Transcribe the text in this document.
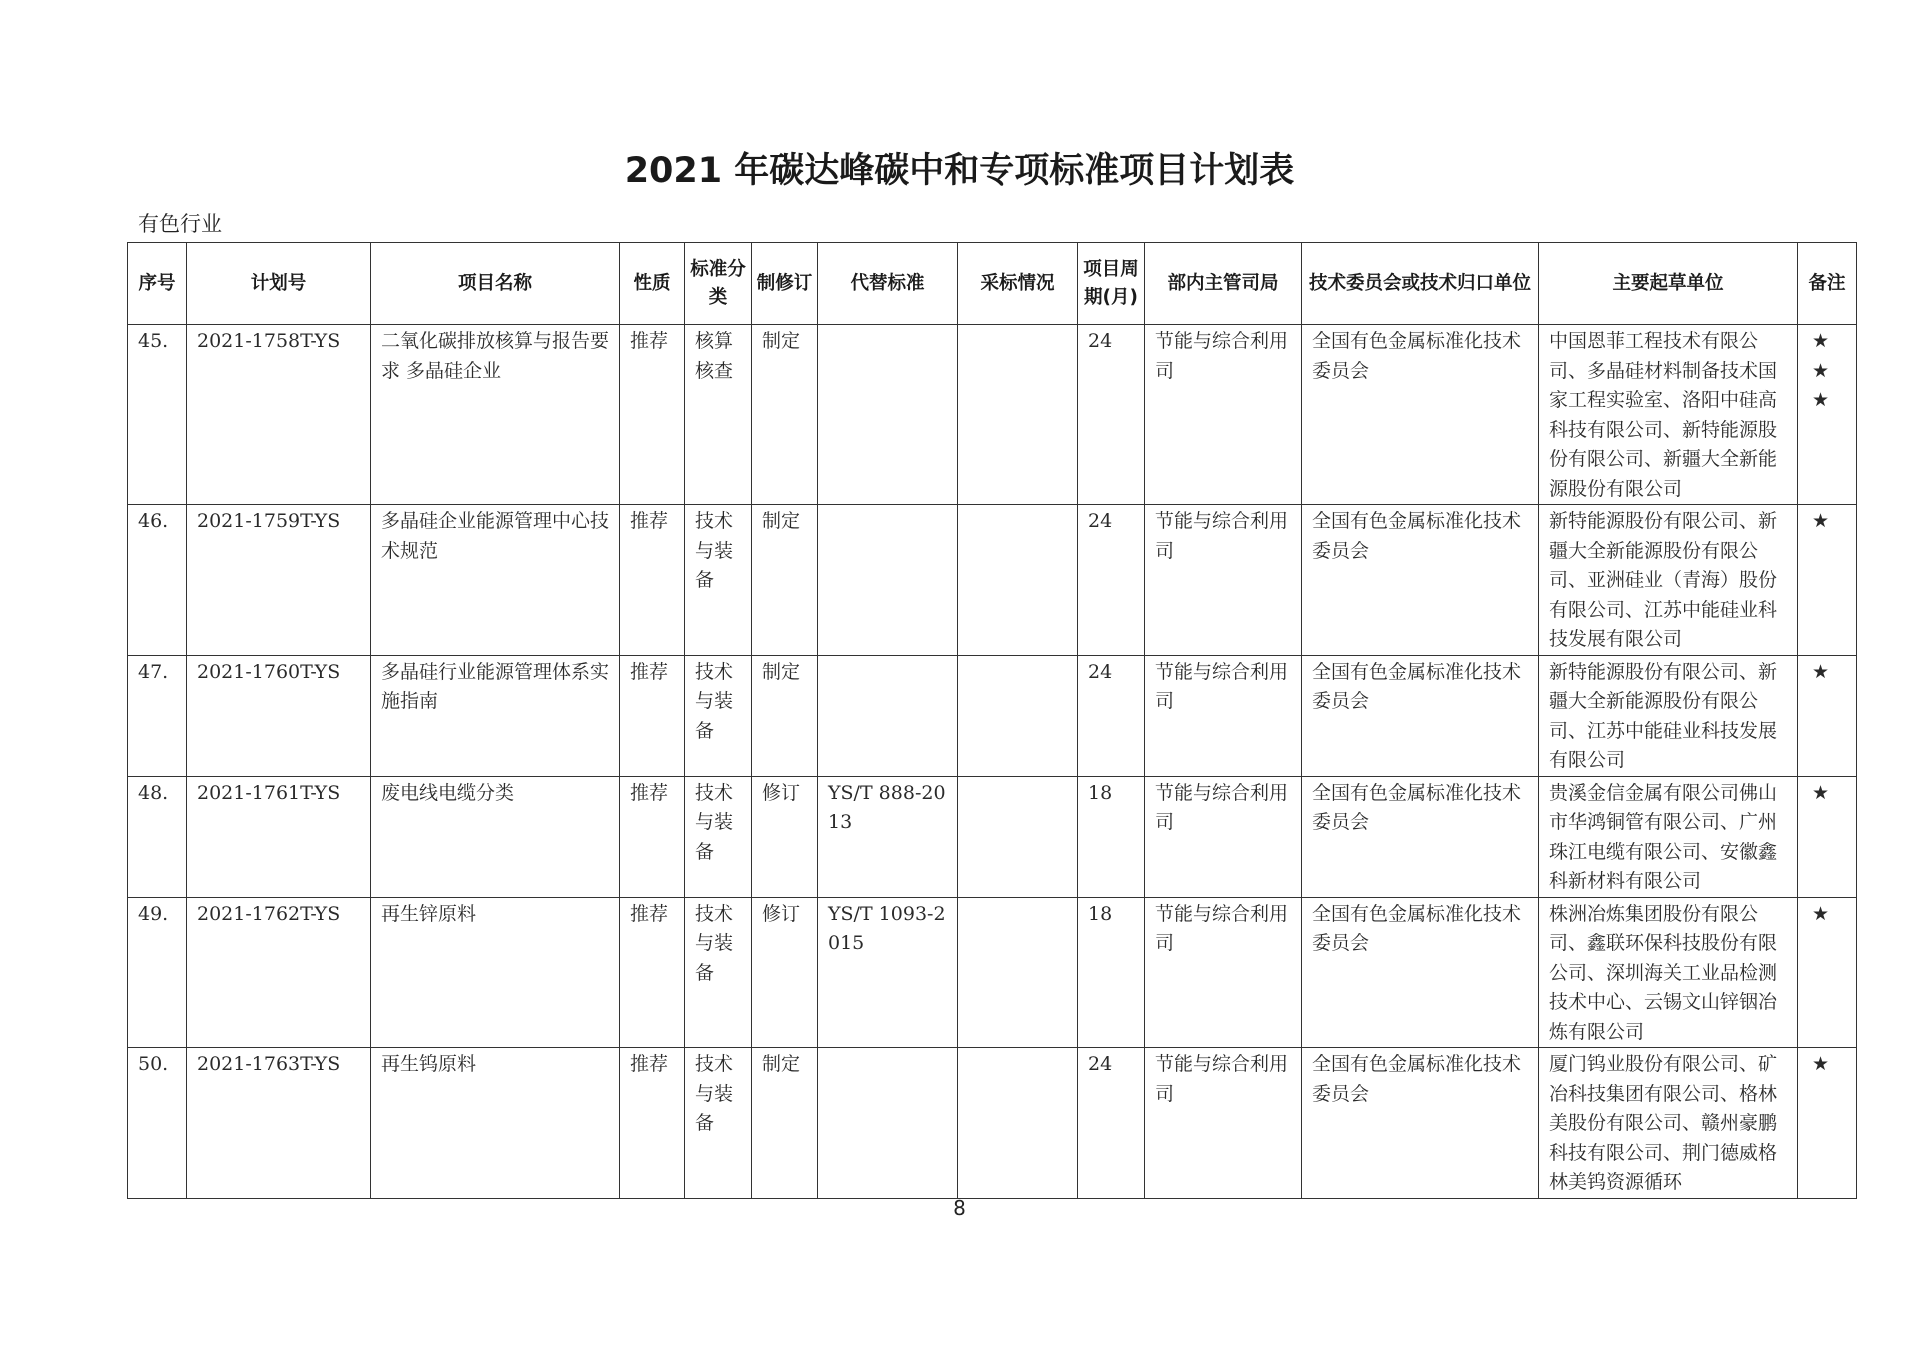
2021 年碳达峰碳中和专项标准项目计划表
有色行业
序号	计划号	项目名称	性质	标准分类	制修订	代替标准	采标情况	项目周期(月)	部内主管司局	技术委员会或技术归口单位	主要起草单位	备注
45.	2021-1758T-YS	二氧化碳排放核算与报告要求 多晶硅企业	推荐	核算核查	制定			24	节能与综合利用司	全国有色金属标准化技术委员会	中国恩菲工程技术有限公司、多晶硅材料制备技术国家工程实验室、洛阳中硅高科技有限公司、新特能源股份有限公司、新疆大全新能源股份有限公司	★
★
★

46.	2021-1759T-YS	多晶硅企业能源管理中心技术规范	推荐	技术与装备	制定			24	节能与综合利用司	全国有色金属标准化技术委员会	新特能源股份有限公司、新疆大全新能源股份有限公司、亚洲硅业（青海）股份有限公司、江苏中能硅业科技发展有限公司	★

47.	2021-1760T-YS	多晶硅行业能源管理体系实施指南	推荐	技术与装备	制定			24	节能与综合利用司	全国有色金属标准化技术委员会	新特能源股份有限公司、新疆大全新能源股份有限公司、江苏中能硅业科技发展有限公司	★

48.	2021-1761T-YS	废电线电缆分类	推荐	技术与装备	修订	YS/T 888-2013		18	节能与综合利用司	全国有色金属标准化技术委员会	贵溪金信金属有限公司佛山市华鸿铜管有限公司、广州珠江电缆有限公司、安徽鑫科新材料有限公司	★

49.	2021-1762T-YS	再生锌原料	推荐	技术与装备	修订	YS/T 1093-2015		18	节能与综合利用司	全国有色金属标准化技术委员会	株洲冶炼集团股份有限公司、鑫联环保科技股份有限公司、深圳海关工业品检测技术中心、云锡文山锌铟冶炼有限公司	★

50.	2021-1763T-YS	再生钨原料	推荐	技术与装备	制定			24	节能与综合利用司	全国有色金属标准化技术委员会	厦门钨业股份有限公司、矿冶科技集团有限公司、格林美股份有限公司、赣州豪鹏科技有限公司、荆门德威格林美钨资源循环	★
8
